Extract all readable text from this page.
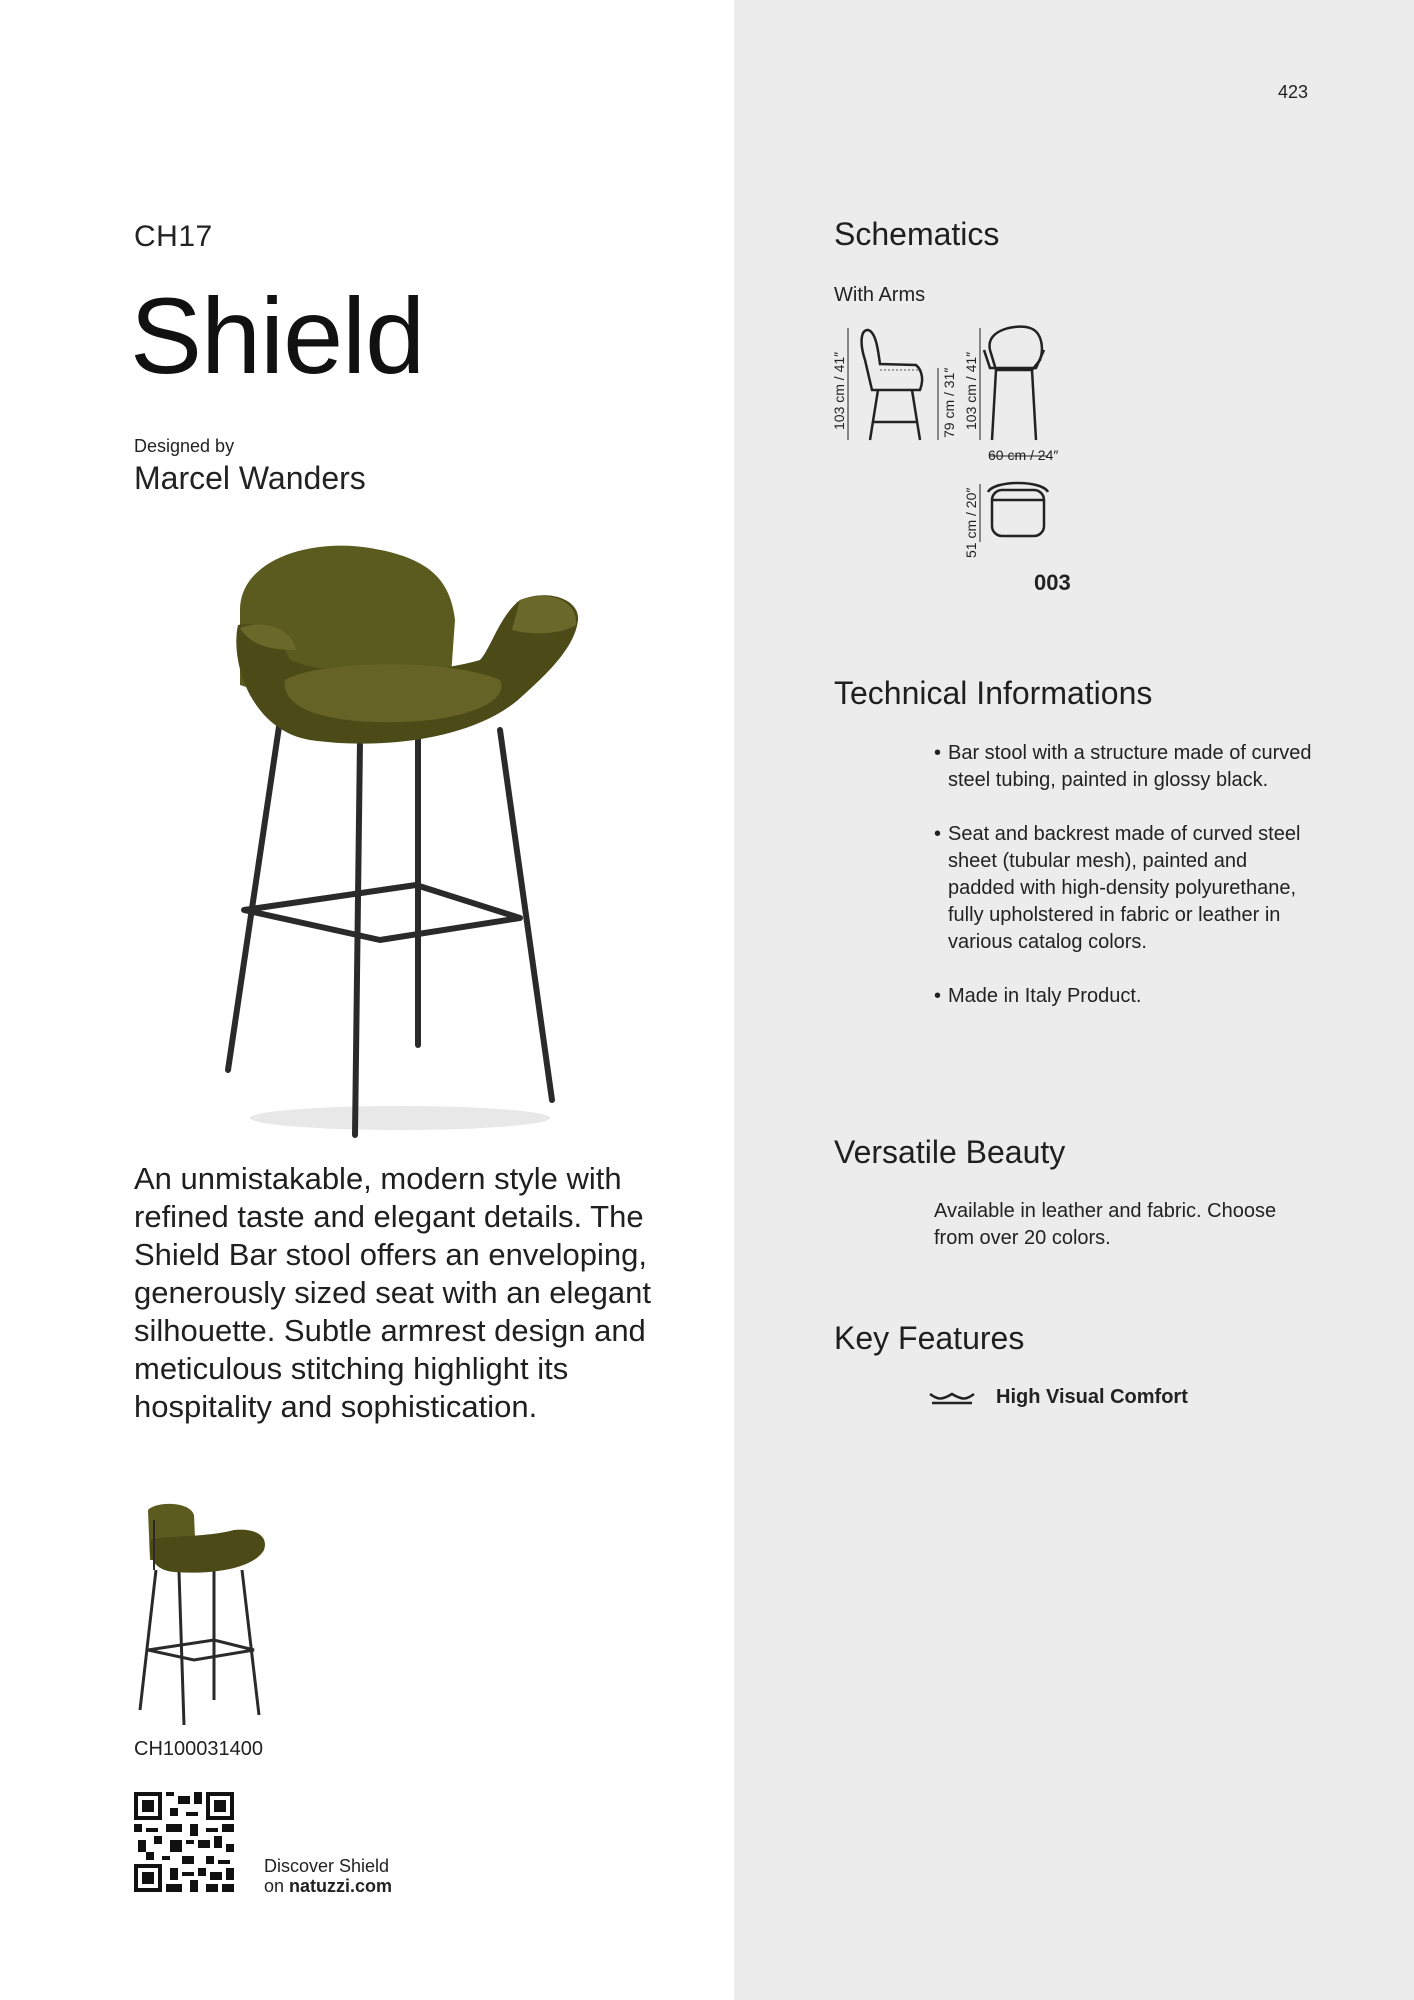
423
CH17
Shield
Designed by
Marcel Wanders
An unmistakable, modern style with refined taste and elegant details. The Shield Bar stool offers an enveloping, generously sized seat with an elegant silhouette. Subtle armrest design and meticulous stitching highlight its hospitality and sophistication.
CH100031400
Discover Shield
on natuzzi.com
Schematics
With Arms
103 cm / 41″	79 cm / 31″ 103 cm / 41″
60 cm / 24″
51 cm / 20″
003
Technical Informations
• Bar stool with a structure made of curved steel tubing, painted in glossy black.
• Seat and backrest made of curved steel sheet (tubular mesh), painted and padded with high-density polyurethane, fully upholstered in fabric or leather in various catalog colors.
• Made in Italy Product.
Versatile Beauty
Available in leather and fabric. Choose from over 20 colors.
Key Features
High Visual Comfort
